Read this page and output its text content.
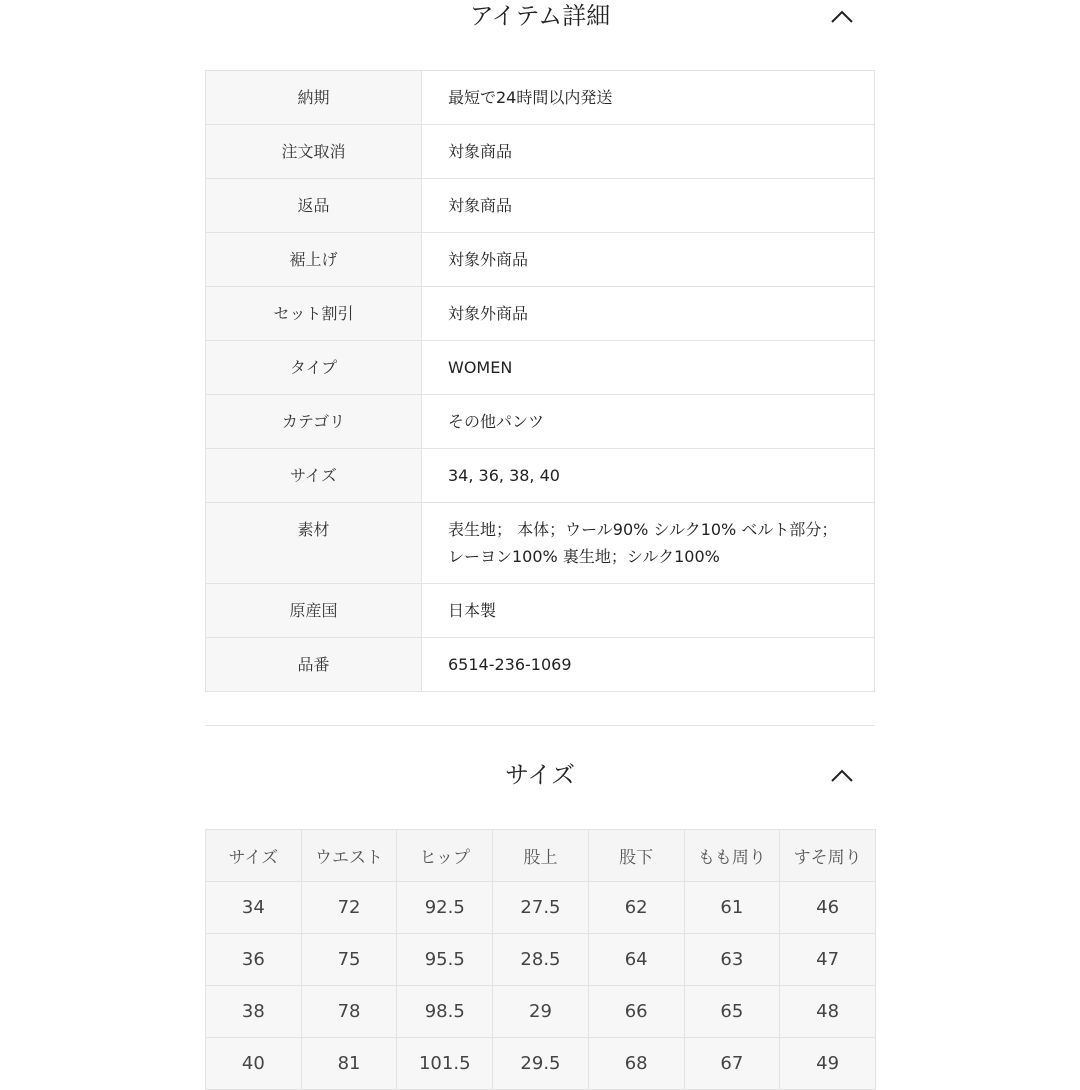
アイテム詳細
納期	最短で24時間以内発送
注文取消	対象商品
返品	対象商品
裾上げ	対象外商品
セット割引	対象外商品
タイプ	WOMEN
カテゴリ	その他パンツ
サイズ	34, 36, 38, 40
素材	表生地； 本体；ウール90% シルク10% ベルト部分；レーヨン100% 裏生地；シルク100%
原産国	日本製
品番	6514-236-1069
サイズ
サイズ	ウエスト	ヒップ	股上	股下	もも周り	すそ周り
34	72	92.5	27.5	62	61	46
36	75	95.5	28.5	64	63	47
38	78	98.5	29	66	65	48
40	81	101.5	29.5	68	67	49
